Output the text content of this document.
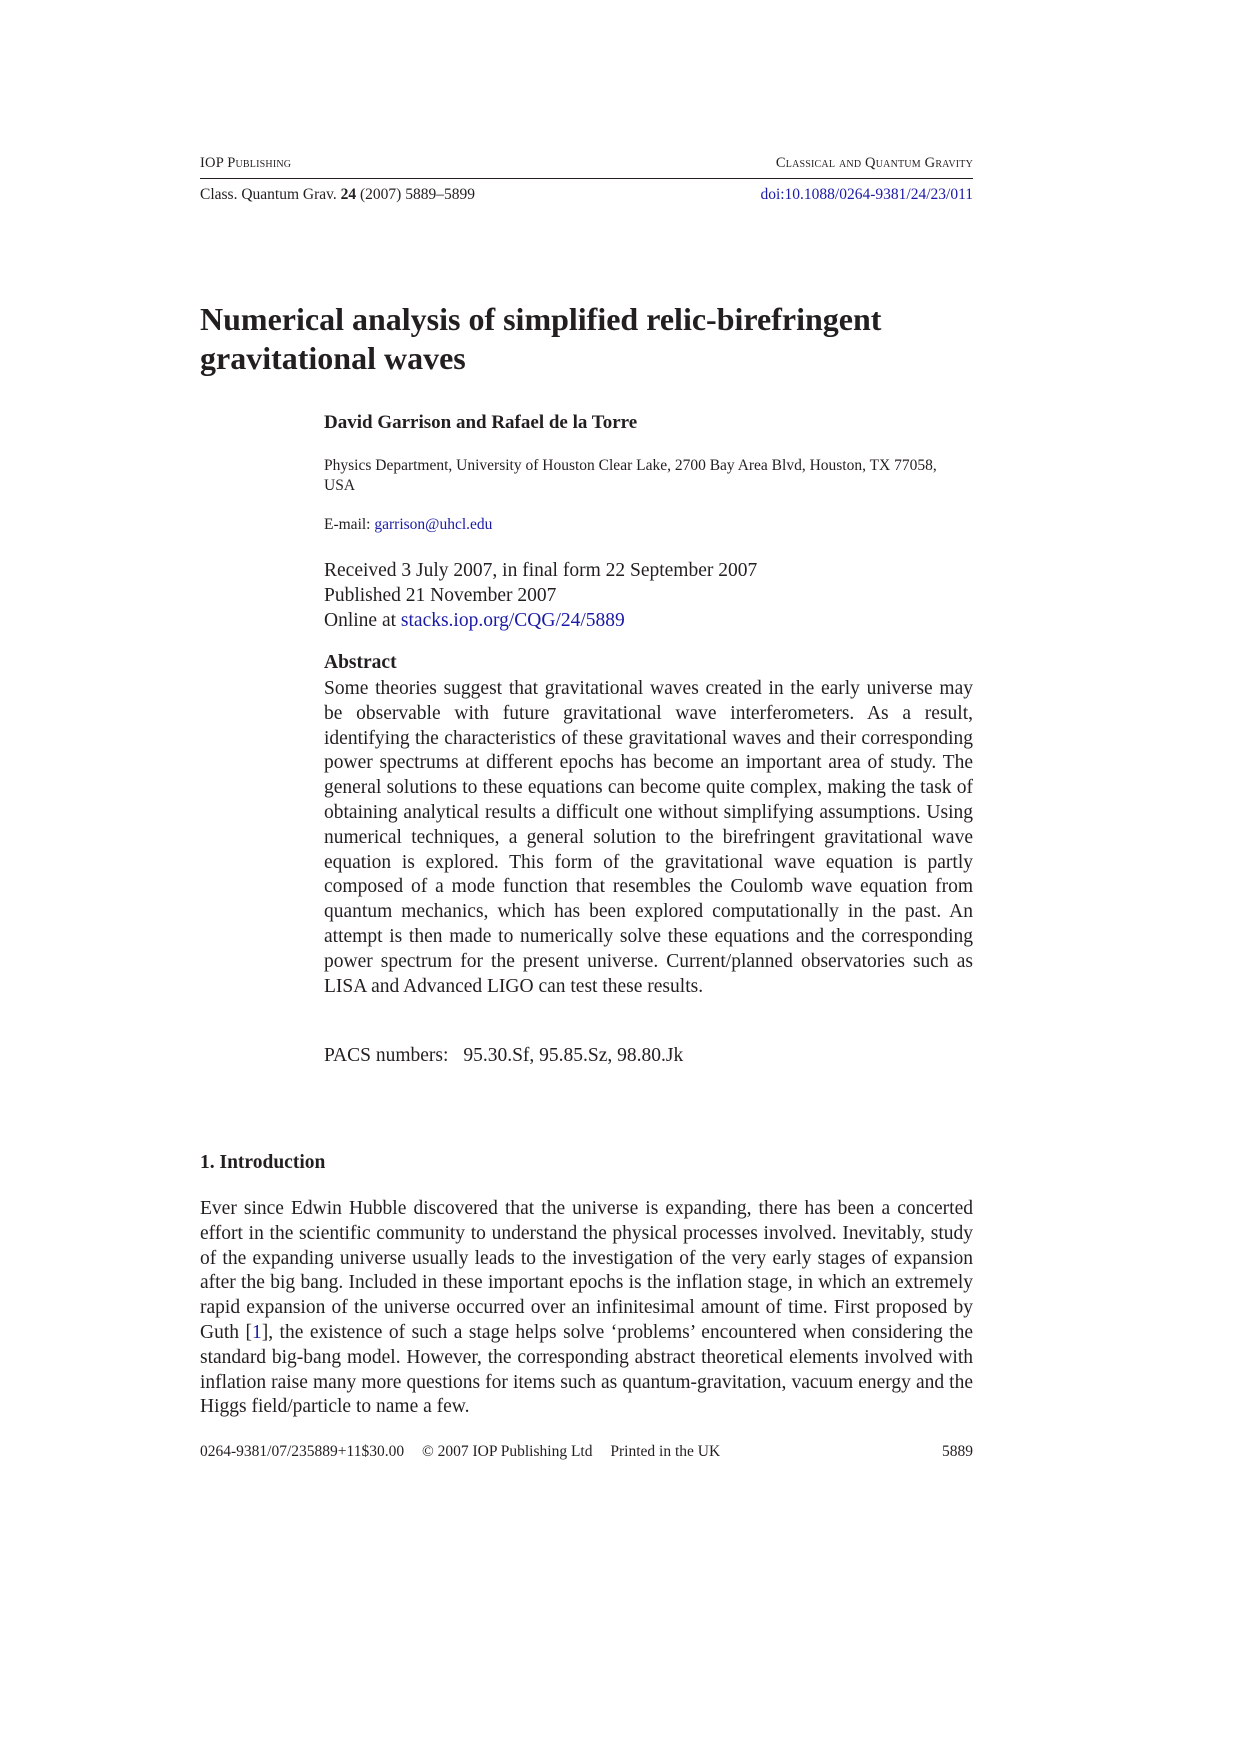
IOP Publishing	Classical and Quantum Gravity
Class. Quantum Grav. 24 (2007) 5889–5899	doi:10.1088/0264-9381/24/23/011
Numerical analysis of simplified relic-birefringent gravitational waves
David Garrison and Rafael de la Torre
Physics Department, University of Houston Clear Lake, 2700 Bay Area Blvd, Houston, TX 77058, USA
E-mail: garrison@uhcl.edu
Received 3 July 2007, in final form 22 September 2007
Published 21 November 2007
Online at stacks.iop.org/CQG/24/5889
Abstract
Some theories suggest that gravitational waves created in the early universe may be observable with future gravitational wave interferometers. As a result, identifying the characteristics of these gravitational waves and their corresponding power spectrums at different epochs has become an important area of study. The general solutions to these equations can become quite complex, making the task of obtaining analytical results a difficult one without simplifying assumptions. Using numerical techniques, a general solution to the birefringent gravitational wave equation is explored. This form of the gravitational wave equation is partly composed of a mode function that resembles the Coulomb wave equation from quantum mechanics, which has been explored computationally in the past. An attempt is then made to numerically solve these equations and the corresponding power spectrum for the present universe. Current/planned observatories such as LISA and Advanced LIGO can test these results.
PACS numbers: 95.30.Sf, 95.85.Sz, 98.80.Jk
1. Introduction
Ever since Edwin Hubble discovered that the universe is expanding, there has been a concerted effort in the scientific community to understand the physical processes involved. Inevitably, study of the expanding universe usually leads to the investigation of the very early stages of expansion after the big bang. Included in these important epochs is the inflation stage, in which an extremely rapid expansion of the universe occurred over an infinitesimal amount of time. First proposed by Guth [1], the existence of such a stage helps solve ‘problems’ encountered when considering the standard big-bang model. However, the corresponding abstract theoretical elements involved with inflation raise many more questions for items such as quantum-gravitation, vacuum energy and the Higgs field/particle to name a few.
0264-9381/07/235889+11$30.00 © 2007 IOP Publishing Ltd Printed in the UK	5889
